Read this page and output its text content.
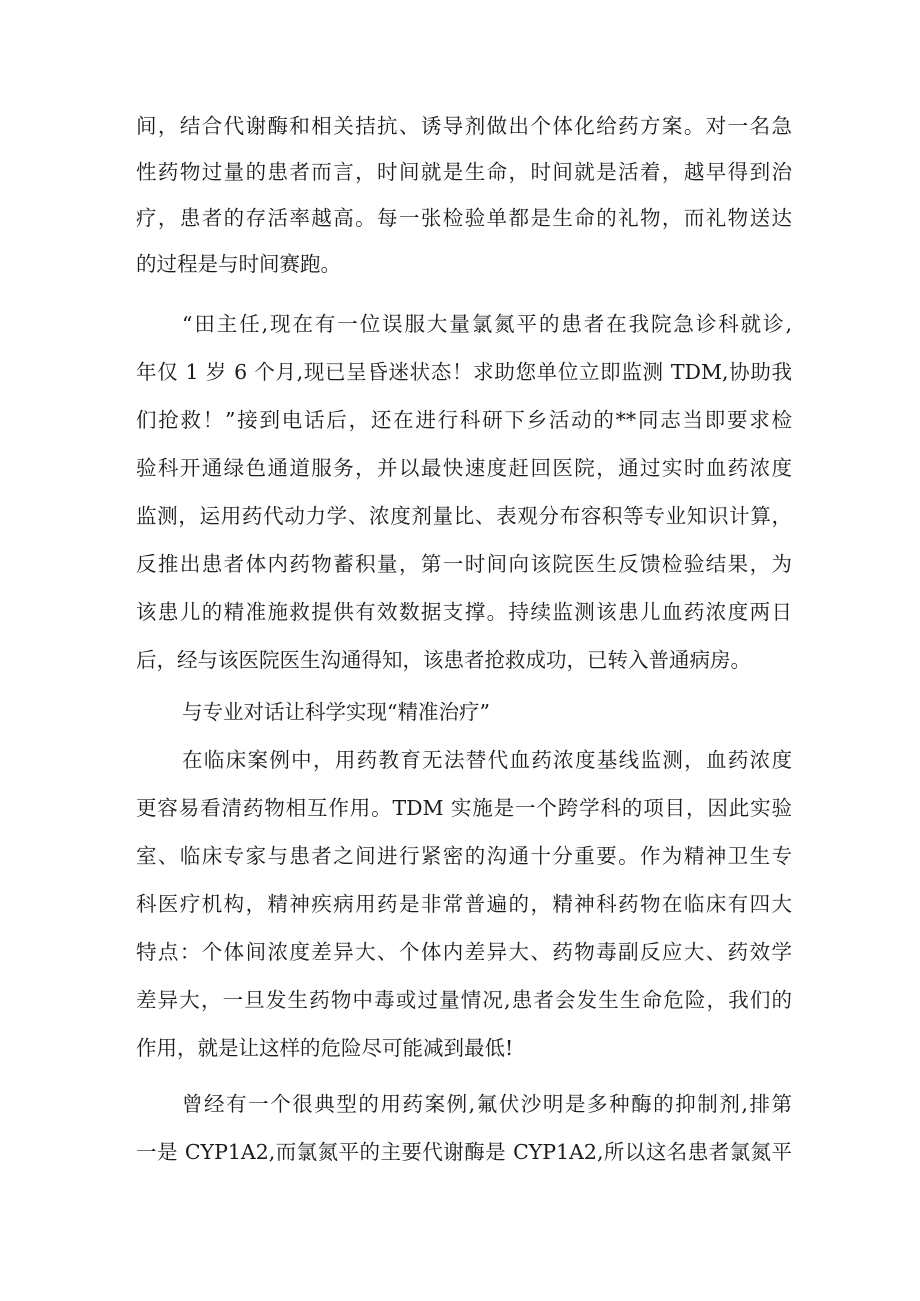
间，结合代谢酶和相关拮抗、诱导剂做出个体化给药方案。对一名急
性药物过量的患者而言，时间就是生命，时间就是活着，越早得到治
疗，患者的存活率越高。每一张检验单都是生命的礼物，而礼物送达
的过程是与时间赛跑。
“田主任,现在有一位误服大量氯氮平的患者在我院急诊科就诊,
年仅 1 岁 6 个月,现已呈昏迷状态！求助您单位立即监测 TDM,协助我
们抢救！”接到电话后，还在进行科研下乡活动的**同志当即要求检
验科开通绿色通道服务，并以最快速度赶回医院，通过实时血药浓度
监测，运用药代动力学、浓度剂量比、表观分布容积等专业知识计算，
反推出患者体内药物蓄积量，第一时间向该院医生反馈检验结果，为
该患儿的精准施救提供有效数据支撑。持续监测该患儿血药浓度两日
后，经与该医院医生沟通得知，该患者抢救成功，已转入普通病房。
与专业对话让科学实现“精准治疗”
在临床案例中，用药教育无法替代血药浓度基线监测，血药浓度
更容易看清药物相互作用。TDM 实施是一个跨学科的项目，因此实验
室、临床专家与患者之间进行紧密的沟通十分重要。作为精神卫生专
科医疗机构，精神疾病用药是非常普遍的，精神科药物在临床有四大
特点：个体间浓度差异大、个体内差异大、药物毒副反应大、药效学
差异大，一旦发生药物中毒或过量情况,患者会发生生命危险，我们的
作用，就是让这样的危险尽可能减到最低!
曾经有一个很典型的用药案例,氟伏沙明是多种酶的抑制剂,排第
一是 CYP1A2,而氯氮平的主要代谢酶是 CYP1A2,所以这名患者氯氮平
